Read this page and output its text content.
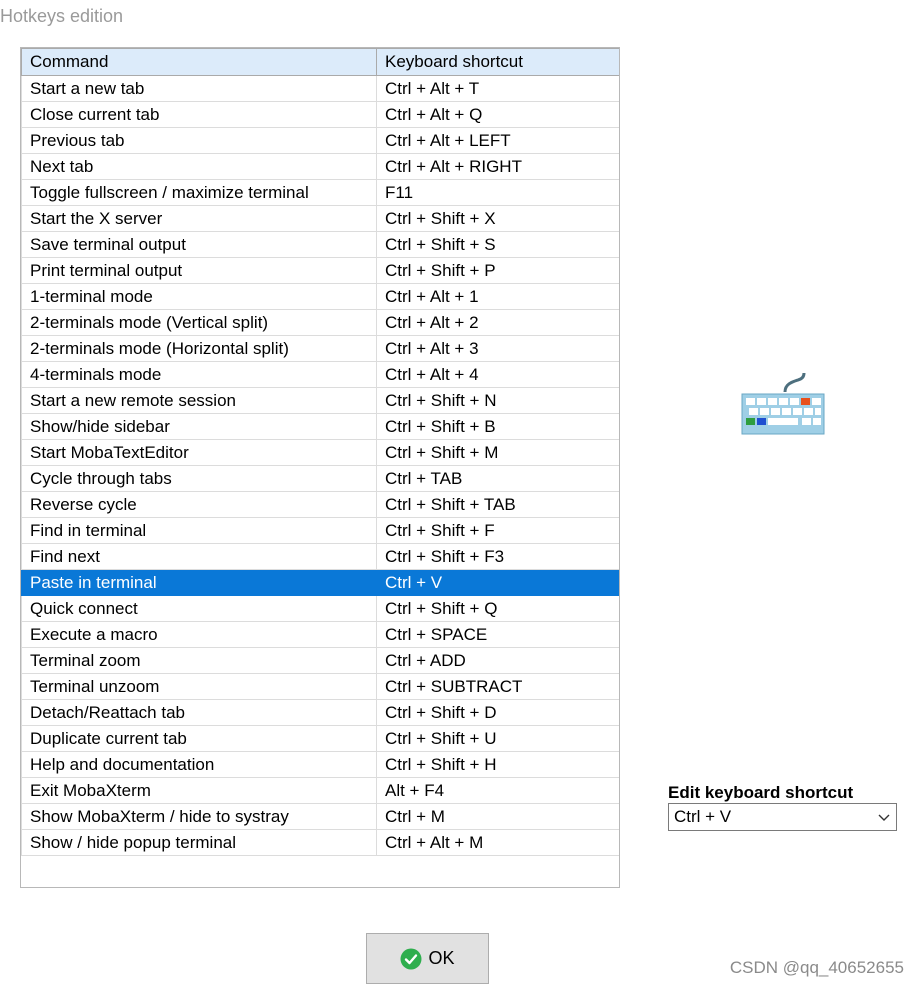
Hotkeys edition
Command	Keyboard shortcut
Start a new tab	Ctrl + Alt + T
Close current tab	Ctrl + Alt + Q
Previous tab	Ctrl + Alt + LEFT
Next tab	Ctrl + Alt + RIGHT
Toggle fullscreen / maximize terminal	F11
Start the X server	Ctrl + Shift + X
Save terminal output	Ctrl + Shift + S
Print terminal output	Ctrl + Shift + P
1-terminal mode	Ctrl + Alt + 1
2-terminals mode (Vertical split)	Ctrl + Alt + 2
2-terminals mode (Horizontal split)	Ctrl + Alt + 3
4-terminals mode	Ctrl + Alt + 4
Start a new remote session	Ctrl + Shift + N
Show/hide sidebar	Ctrl + Shift + B
Start MobaTextEditor	Ctrl + Shift + M
Cycle through tabs	Ctrl + TAB
Reverse cycle	Ctrl + Shift + TAB
Find in terminal	Ctrl + Shift + F
Find next	Ctrl + Shift + F3
Paste in terminal	Ctrl + V
Quick connect	Ctrl + Shift + Q
Execute a macro	Ctrl + SPACE
Terminal zoom	Ctrl + ADD
Terminal unzoom	Ctrl + SUBTRACT
Detach/Reattach tab	Ctrl + Shift + D
Duplicate current tab	Ctrl + Shift + U
Help and documentation	Ctrl + Shift + H
Exit MobaXterm	Alt + F4
Show MobaXterm / hide to systray	Ctrl + M
Show / hide popup terminal	Ctrl + Alt + M
Edit keyboard shortcut
Ctrl + V
OK	CSDN @qq_40652655
